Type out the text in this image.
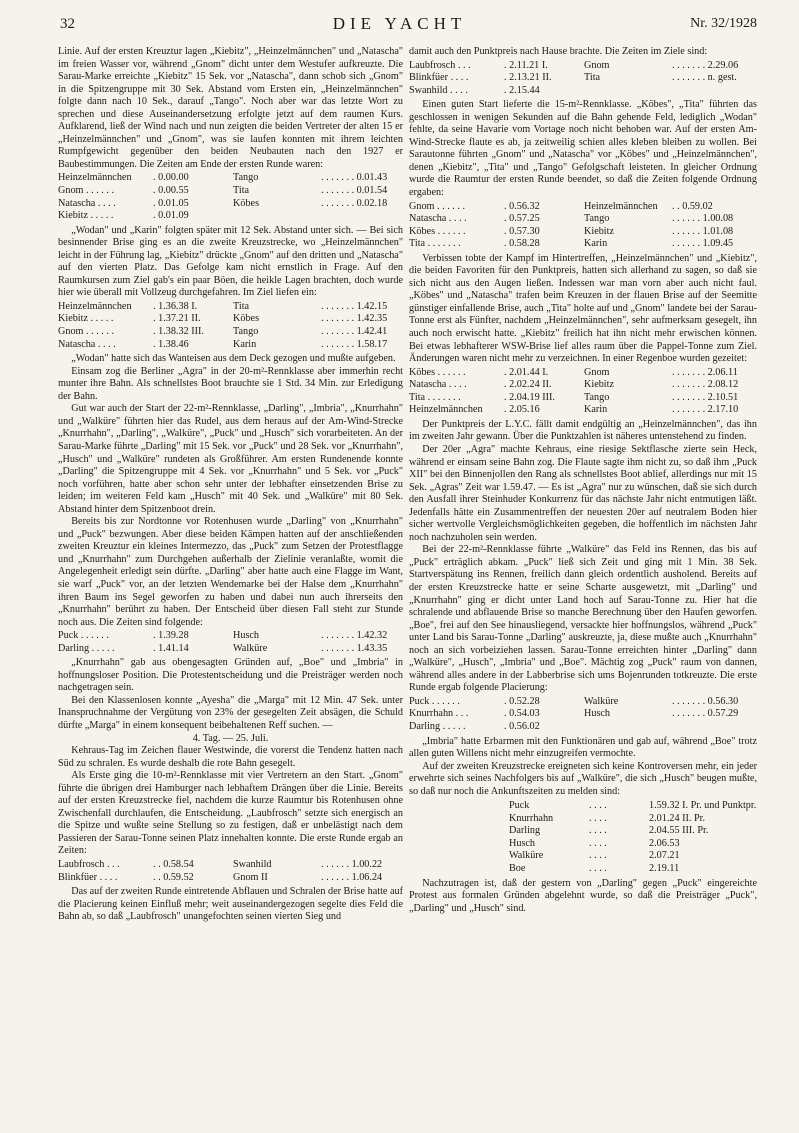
32	DIE YACHT	Nr. 32/1928

Linie. Auf der ersten Kreuztur lagen „Kiebitz", „Heinzelmännchen" und „Natascha" im freien Wasser vor, während „Gnom" dicht unter dem Westufer aufkreuzte. Die Sarau-Marke erreichte „Kiebitz" 15 Sek. vor „Natascha", dann schob sich „Gnom" in die Spitzengruppe mit 30 Sek. Abstand vom Ersten ein, „Heinzelmännchen" folgte dann nach 10 Sek., darauf „Tango". Noch aber war das letzte Wort zu sprechen und diese Auseinandersetzung erfolgte jetzt auf dem raumen Kurs. Aufklarend, ließ der Wind nach und nun zeigten die beiden Vertreter der alten 15 er „Heinzelmännchen" und „Gnom", was sie laufen konnten mit ihrem leichten Rumpfgewicht gegenüber den beiden Neubauten nach den 1927 er Baubestimmungen. Die Zeiten am Ende der ersten Runde waren:

Heinzelmännchen	. 0.00.00	Tango	. . . . . . . 0.01.43
Gnom . . . . . .	. 0.00.55	Tita	. . . . . . . 0.01.54
Natascha . . . .	. 0.01.05	Köbes	. . . . . . . 0.02.18
Kiebitz . . . . .	. 0.01.09

„Wodan" und „Karin" folgten später mit 12 Sek. Abstand unter sich. — Bei sich besinnender Brise ging es an die zweite Kreuzstrecke, wo „Heinzelmännchen" leicht in der Führung lag, „Kiebitz" drückte „Gnom" auf den dritten und „Natascha" auf den vierten Platz. Das Gefolge kam nicht ernstlich in Frage. Auf den Raumkursen zum Ziel gab's ein paar Böen, die heikle Lagen brachten, doch wurde hier wie überall mit Vollzeug durchgefahren. Im Ziel liefen ein:

Heinzelmännchen	. 1.36.38 I.	Tita	. . . . . . . 1.42.15
Kiebitz . . . . .	. 1.37.21 II.	Köbes	. . . . . . . 1.42.35
Gnom . . . . . .	. 1.38.32 III.	Tango	. . . . . . . 1.42.41
Natascha . . . .	. 1.38.46	Karin	. . . . . . . 1.58.17

„Wodan" hatte sich das Wanteisen aus dem Deck gezogen und mußte aufgeben.

Einsam zog die Berliner „Agra" in der 20-m²-Rennklasse aber immerhin recht munter ihre Bahn. Als schnellstes Boot brauchte sie 1 Std. 34 Min. zur Erledigung der Bahn.

Gut war auch der Start der 22-m²-Rennklasse, „Darling", „Imbria", „Knurrhahn" und „Walküre" führten hier das Rudel, aus dem heraus auf der Am-Wind-Strecke „Knurrhahn", „Darling", „Walküre", „Puck" und „Husch" sich vorarbeiteten. An der Sarau-Marke führte „Darling" mit 15 Sek. vor „Puck" und 28 Sek. vor „Knurrhahn", „Husch" und „Walküre" rundeten als Großführer. Am ersten Rundenende konnte „Darling" die Spitzengruppe mit 4 Sek. vor „Knurrhahn" und 5 Sek. vor „Puck" noch vorführen, hatte aber schon sehr unter der lebhafter einsetzenden Brise zu leiden; im weiteren Feld kam „Husch" mit 40 Sek. und „Walküre" mit 80 Sek. Abstand hinter dem Spitzenboot drein.

Bereits bis zur Nordtonne vor Rotenhusen wurde „Darling" von „Knurrhahn" und „Puck" bezwungen. Aber diese beiden Kämpen hatten auf der anschließenden zweiten Kreuztur ein kleines Intermezzo, das „Puck" zum Setzen der Protestflagge und „Knurrhahn" zum Durchgehen außerhalb der Zielinie veranlaßte, womit die Angelegenheit erledigt sein dürfte. „Darling" aber hatte auch eine Flagge im Want, sie warf „Puck" vor, an der letzten Wendemarke bei der Halse dem „Knurrhahn" ihren Baum ins Segel geworfen zu haben und dabei nun auch ihrerseits den „Knurrhahn" berührt zu haben. Der Entscheid über diesen Fall steht zur Stunde noch aus. Die Zeiten sind folgende:

Puck . . . . . .	. 1.39.28	Husch	. . . . . . . 1.42.32
Darling . . . . .	. 1.41.14	Walküre	. . . . . . . 1.43.35

„Knurrhahn" gab aus obengesagten Gründen auf, „Boe" und „Imbria" in hoffnungsloser Position. Die Protestentscheidung und die Preisträger werden noch nachgetragen sein.

Bei den Klassenlosen konnte „Ayesha" die „Marga" mit 12 Min. 47 Sek. unter Inanspruchnahme der Vergütung von 23% der gesegelten Zeit absägen, die Schuld dürfte „Marga" in einem konsequent beibehaltenen Reff suchen. —

4. Tag. — 25. Juli.

Kehraus-Tag im Zeichen flauer Westwinde, die vorerst die Tendenz hatten nach Süd zu schralen. Es wurde deshalb die rote Bahn gesegelt.

Als Erste ging die 10-m²-Rennklasse mit vier Vertretern an den Start. „Gnom" führte die übrigen drei Hamburger nach lebhaftem Drängen über die Linie. Bereits auf der ersten Kreuzstrecke fiel, nachdem die kurze Raumtur bis Rotenhusen ohne Zwischenfall durchlaufen, die Entscheidung. „Laubfrosch" setzte sich energisch an die Spitze und wußte seine Stellung so zu festigen, daß er unbelästigt nach dem Passieren der Sarau-Tonne seinen Platz innehalten konnte. Die erste Runde ergab an Zeiten:

Laubfrosch . . .	. . 0.58.54	Swanhild	. . . . . . 1.00.22
Blinkfüer . . . .	. . 0.59.52	Gnom II	. . . . . . 1.06.24

Das auf der zweiten Runde eintretende Abflauen und Schralen der Brise hatte auf die Placierung keinen Einfluß mehr; weit auseinandergezogen segelte dies Feld die Bahn ab, so daß „Laubfrosch" unangefochten seinen vierten Sieg und

damit auch den Punktpreis nach Hause brachte. Die Zeiten im Ziele sind:

Laubfrosch . . .	. 2.11.21 I.	Gnom	. . . . . . . 2.29.06
Blinkfüer . . . .	. 2.13.21 II.	Tita	. . . . . . . n. gest.
Swanhild . . . .	. 2.15.44

Einen guten Start lieferte die 15-m²-Rennklasse. „Köbes", „Tita" führten das geschlossen in wenigen Sekunden auf die Bahn gehende Feld, lediglich „Wodan" fehlte, da seine Havarie vom Vortage noch nicht behoben war. Auf der ersten Am-Wind-Strecke flaute es ab, ja zeitweilig schien alles kleben bleiben zu wollen. Bei Sarautonne führten „Gnom" und „Natascha" vor „Köbes" und „Heinzelmännchen", denen „Kiebitz", „Tita" und „Tango" Gefolgschaft leisteten. In gleicher Ordnung wurde die Raumtur der ersten Runde beendet, so daß die Zeiten folgende Ordnung ergaben:

Gnom . . . . . .	. 0.56.32	Heinzelmännchen	. . 0.59.02
Natascha . . . .	. 0.57.25	Tango	. . . . . . 1.00.08
Köbes . . . . . .	. 0.57.30	Kiebitz	. . . . . . 1.01.08
Tita . . . . . . .	. 0.58.28	Karin	. . . . . . 1.09.45

Verbissen tobte der Kampf im Hintertreffen, „Heinzelmännchen" und „Kiebitz", die beiden Favoriten für den Punktpreis, hatten sich allerhand zu sagen, so daß sie sich nicht aus den Augen ließen. Indessen war man vorn aber auch nicht faul. „Köbes" und „Natascha" trafen beim Kreuzen in der flauen Brise auf der Seemitte günstiger einfallende Brise, auch „Tita" holte auf und „Gnom" landete bei der Sarau-Tonne erst als Fünfter, nachdem „Heinzelmännchen", sehr aufmerksam gesegelt, ihn auch noch erwischt hatte. „Kiebitz" freilich hat ihn nicht mehr erwischen können. Bei etwas lebhafterer WSW-Brise lief alles raum über die Pappel-Tonne zum Ziel. Änderungen waren nicht mehr zu verzeichnen. In einer Regenboe wurden gezeitet:

Köbes . . . . . .	. 2.01.44 I.	Gnom	. . . . . . . 2.06.11
Natascha . . . .	. 2.02.24 II.	Kiebitz	. . . . . . . 2.08.12
Tita . . . . . . .	. 2.04.19 III.	Tango	. . . . . . . 2.10.51
Heinzelmännchen	. 2.05.16	Karin	. . . . . . . 2.17.10

Der Punktpreis der L.Y.C. fällt damit endgültig an „Heinzelmännchen", das ihn im zweiten Jahr gewann. Über die Punktzahlen ist näheres untenstehend zu finden.

Der 20er „Agra" machte Kehraus, eine riesige Sektflasche zierte sein Heck, während er einsam seine Bahn zog. Die Flaute sagte ihm nicht zu, so daß ihm „Puck XII" bei den Binnenjollen den Rang als schnellstes Boot ablief, allerdings nur mit 15 Sek. „Agras" Zeit war 1.59.47. — Es ist „Agra" nur zu wünschen, daß sie sich durch den Ausfall ihrer Steinhuder Konkurrenz für das nächste Jahr nicht entmutigen läßt. Jedenfalls hätte ein Zusammentreffen der neuesten 20er auf neutralem Boden hier sicher wertvolle Vergleichsmöglichkeiten gegeben, die hoffentlich im nächsten Jahr noch nachzuholen sein werden.

Bei der 22-m²-Rennklasse führte „Walküre" das Feld ins Rennen, das bis auf „Puck" erträglich abkam. „Puck" ließ sich Zeit und ging mit 1 Min. 38 Sek. Startverspätung ins Rennen, freilich dann gleich ordentlich ausholend. Bereits auf der ersten Kreuzstrecke hatte er seine Scharte ausgewetzt, mit „Darling" und „Knurrhahn" ging er dicht unter Land hoch auf Sarau-Tonne zu. Hier hat die schralende und abflauende Brise so manche Berechnung über den Haufen geworfen. „Boe", frei auf den See hinausliegend, versackte hier hoffnungslos, während „Puck" unter Land bis Sarau-Tonne „Darling" auskreuzte, ja, diese mußte auch „Knurrhahn" noch an sich vorbeiziehen lassen. Sarau-Tonne erreichten hinter „Darling" dann „Walküre", „Husch", „Imbria" und „Boe". Mächtig zog „Puck" raum von dannen, während alles andere in der Labberbrise sich ums Bojenrunden totkreuzte. Die erste Runde ergab folgende Placierung:

Puck . . . . . .	. 0.52.28	Walküre	. . . . . . . 0.56.30
Knurrhahn . . .	. 0.54.03	Husch	. . . . . . . 0.57.29
Darling . . . . .	. 0.56.02

„Imbria" hatte Erbarmen mit den Funktionären und gab auf, während „Boe" trotz allen guten Willens nicht mehr einzugreifen vermochte.

Auf der zweiten Kreuzstrecke ereigneten sich keine Kontroversen mehr, ein jeder erwehrte sich seines Nachfolgers bis auf „Walküre", die sich „Husch" beugen mußte, so daß nur noch die Ankunftszeiten zu melden sind:

Puck	. . . .	1.59.32 I. Pr. und Punktpr.
Knurrhahn	. . . .	2.01.24 II. Pr.
Darling	. . . .	2.04.55 III. Pr.
Husch	. . . .	2.06.53
Walküre	. . . .	2.07.21
Boe	. . . .	2.19.11

Nachzutragen ist, daß der gestern von „Darling" gegen „Puck" eingereichte Protest aus formalen Gründen abgelehnt wurde, so daß die Preisträger „Puck", „Darling" und „Husch" sind.
